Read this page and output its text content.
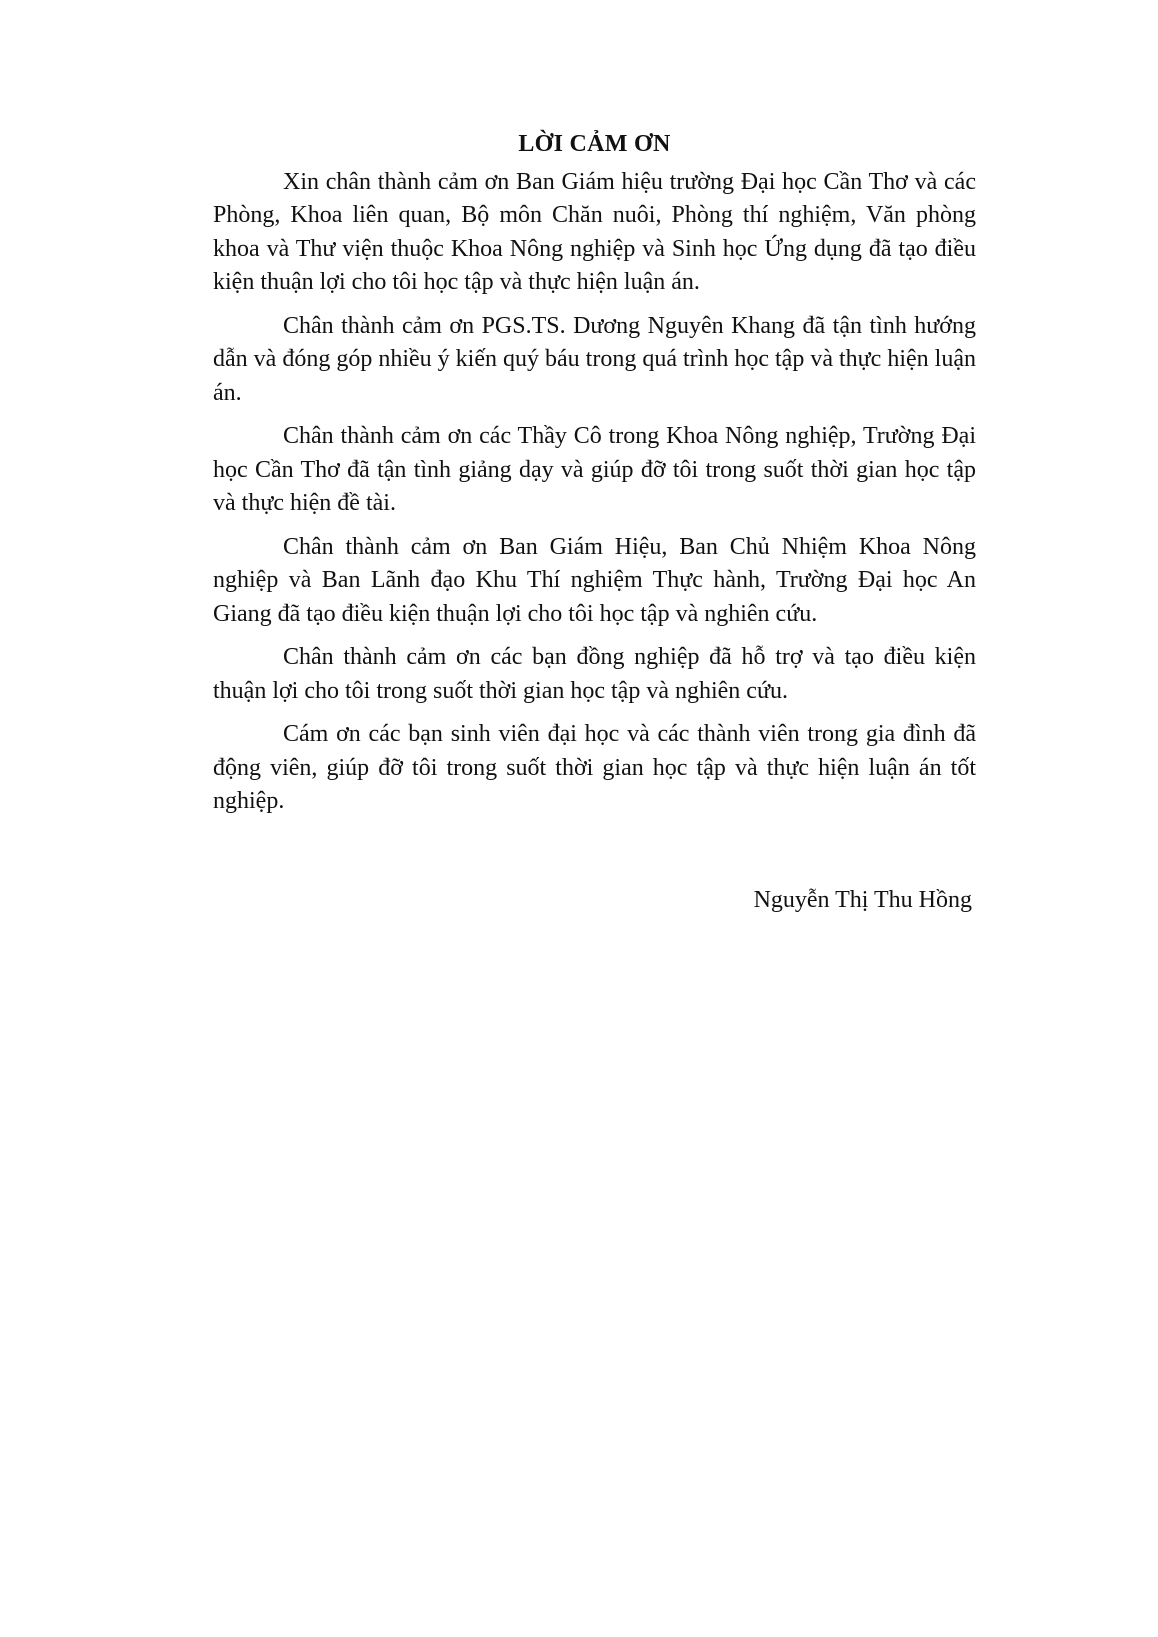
LỜI CẢM ƠN

Xin chân thành cảm ơn Ban Giám hiệu trường Đại học Cần Thơ và các Phòng, Khoa liên quan, Bộ môn Chăn nuôi, Phòng thí nghiệm, Văn phòng khoa và Thư viện thuộc Khoa Nông nghiệp và Sinh học Ứng dụng đã tạo điều kiện thuận lợi cho tôi học tập và thực hiện luận án.

Chân thành cảm ơn PGS.TS. Dương Nguyên Khang đã tận tình hướng dẫn và đóng góp nhiều ý kiến quý báu trong quá trình học tập và thực hiện luận án.

Chân thành cảm ơn các Thầy Cô trong Khoa Nông nghiệp, Trường Đại học Cần Thơ đã tận tình giảng dạy và giúp đỡ tôi trong suốt thời gian học tập và thực hiện đề tài.

Chân thành cảm ơn Ban Giám Hiệu, Ban Chủ Nhiệm Khoa Nông nghiệp và Ban Lãnh đạo Khu Thí nghiệm Thực hành, Trường Đại học An Giang đã tạo điều kiện thuận lợi cho tôi học tập và nghiên cứu.

Chân thành cảm ơn các bạn đồng nghiệp đã hỗ trợ và tạo điều kiện thuận lợi cho tôi trong suốt thời gian học tập và nghiên cứu.

Cám ơn các bạn sinh viên đại học và các thành viên trong gia đình đã động viên, giúp đỡ tôi trong suốt thời gian học tập và thực hiện luận án tốt nghiệp.

Nguyễn Thị Thu Hồng
